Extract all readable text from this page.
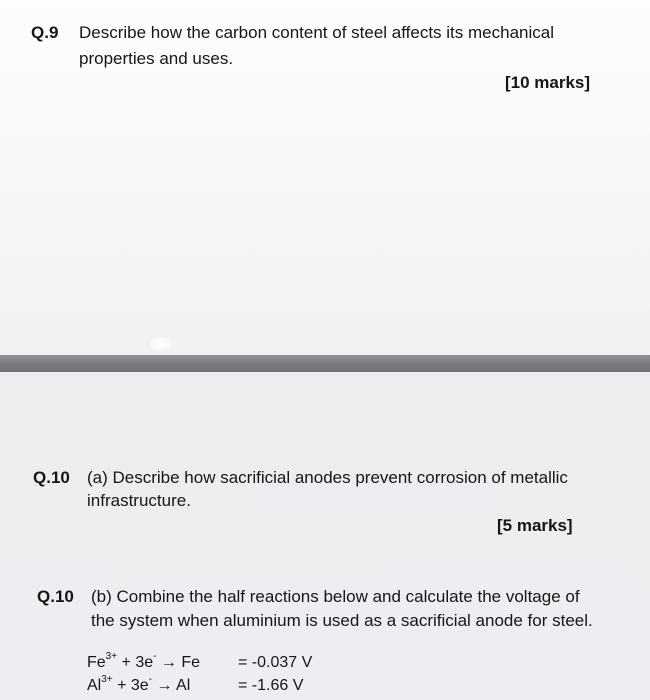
Q.9 Describe how the carbon content of steel affects its mechanical
properties and uses.
[10 marks]
Q.10 (a) Describe how sacrificial anodes prevent corrosion of metallic
infrastructure.
[5 marks]
Q.10 (b) Combine the half reactions below and calculate the voltage of
the system when aluminium is used as a sacrificial anode for steel.
$Fe^{3+} + 3e^- \to Fe = -0.037$ V
$Al^{3+} + 3e^- \to Al$	= -1.66 V
